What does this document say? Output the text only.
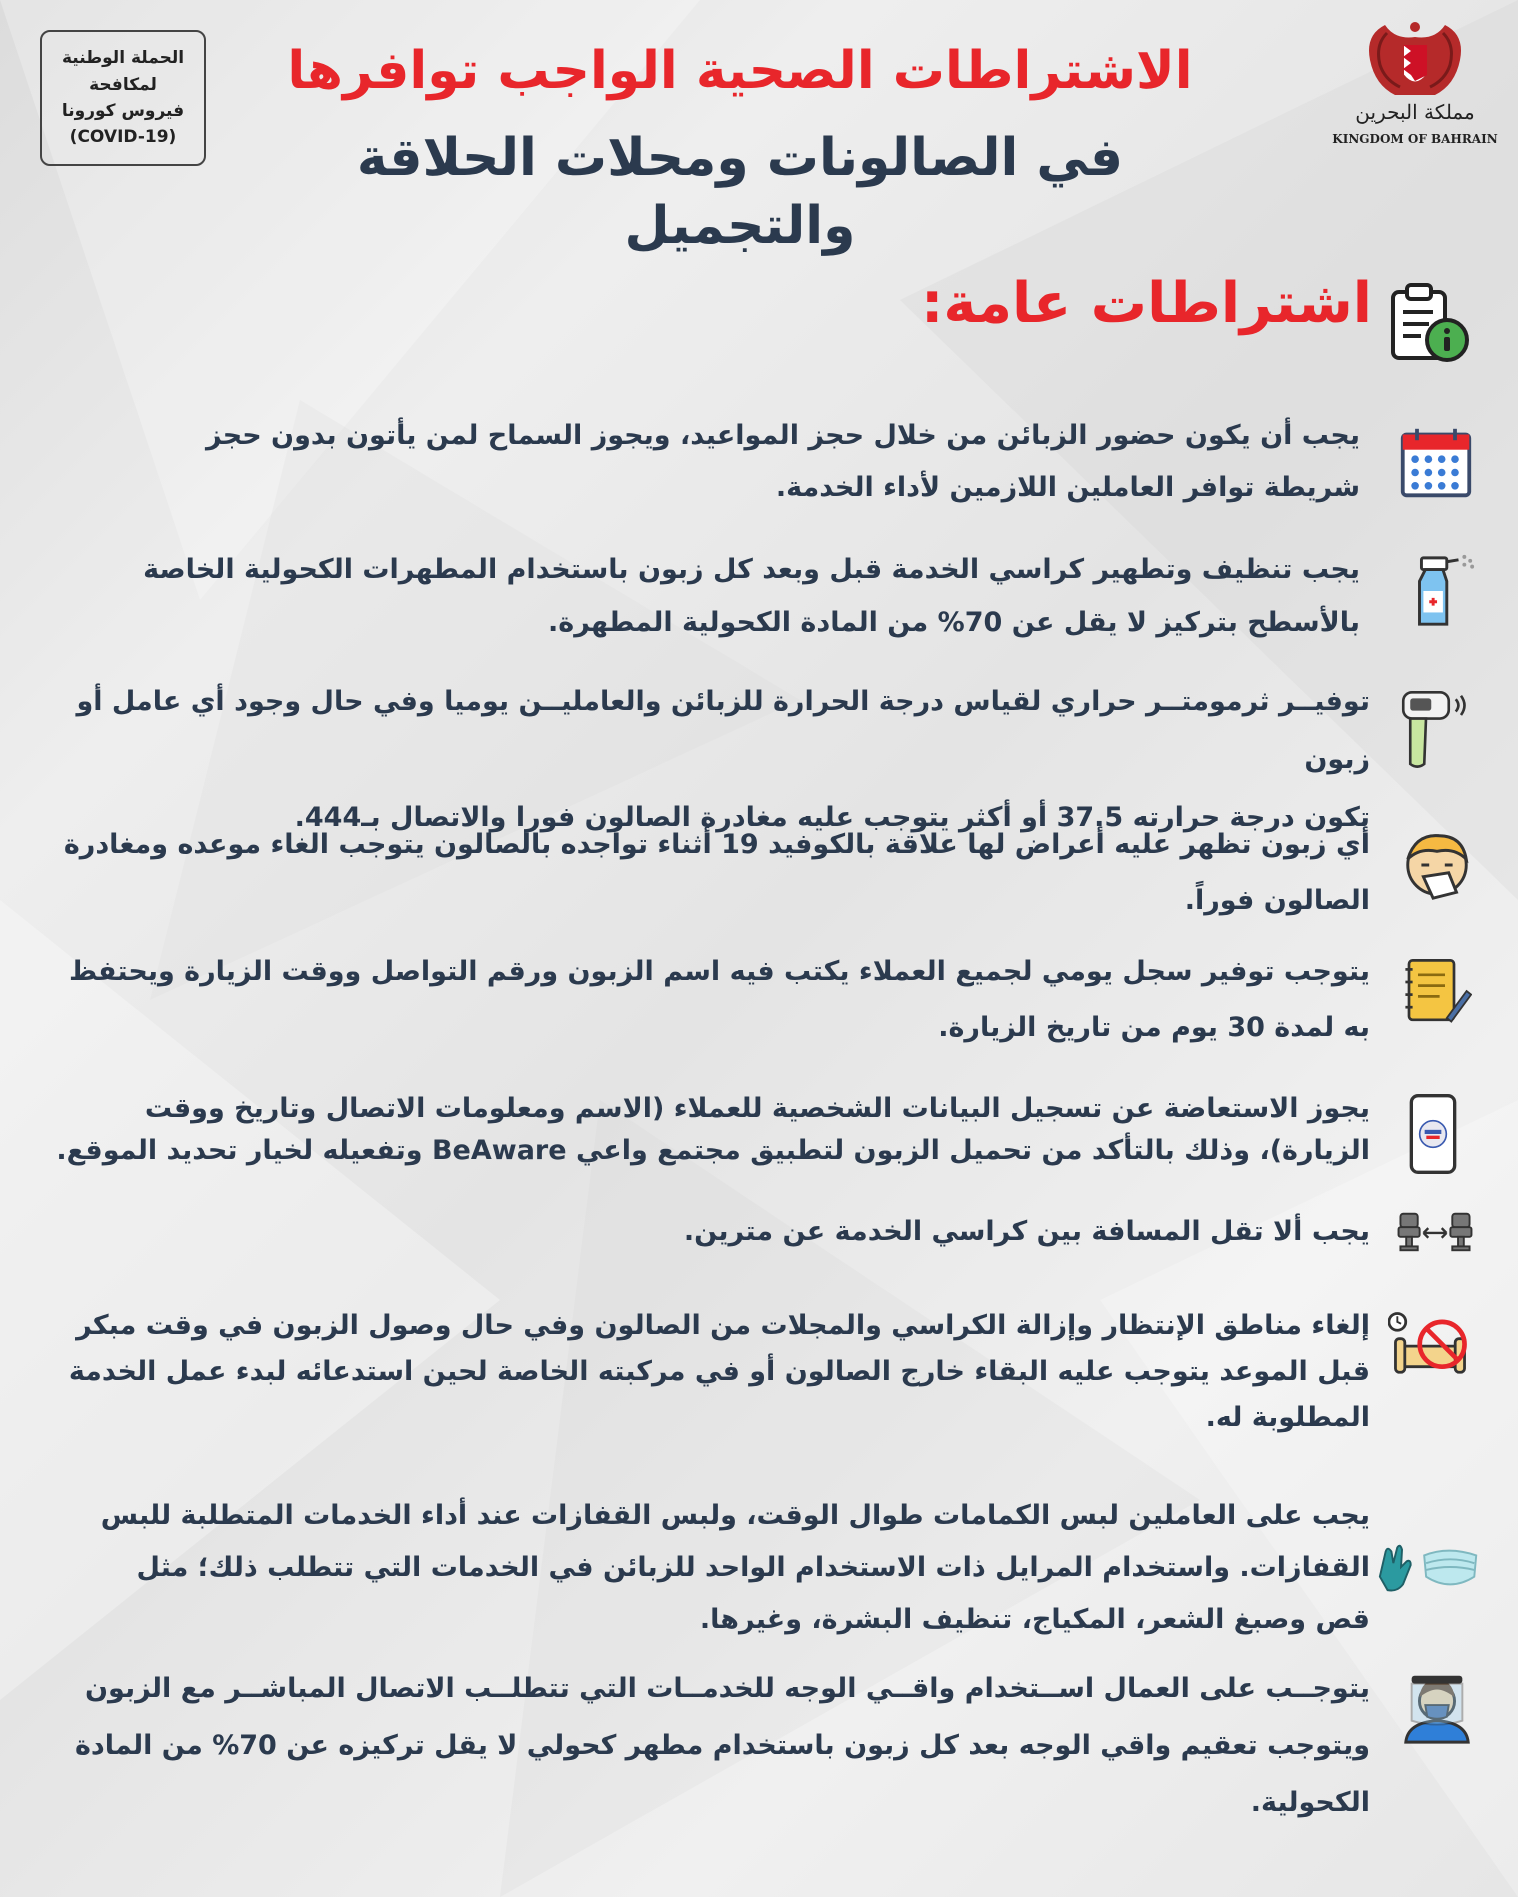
الحملة الوطنية
لمكافحة
فيروس كورونا
(COVID-19)
الاشتراطات الصحية الواجب توافرها
في الصالونات ومحلات الحلاقة والتجميل
مملكة البحرين
KINGDOM OF BAHRAIN
اشتراطات عامة:

يجب أن يكون حضور الزبائن من خلال حجز المواعيد، ويجوز السماح لمن يأتون بدون حجز
شريطة توافر العاملين اللازمين لأداء الخدمة.

يجب تنظيف وتطهير كراسي الخدمة قبل وبعد كل زبون باستخدام المطهرات الكحولية الخاصة
بالأسطح بتركيز لا يقل عن 70% من المادة الكحولية المطهرة.

توفيــر ثرمومتــر حراري لقياس درجة الحرارة للزبائن والعامليــن يوميا وفي حال وجود أي عامل أو زبون
تكون درجة حرارته 37.5 أو أكثر يتوجب عليه مغادرة الصالون فورا والاتصال بـ444.

أي زبون تظهر عليه أعراض لها علاقة بالكوفيد 19 أثناء تواجده بالصالون يتوجب الغاء موعده ومغادرة
الصالون فوراً.

يتوجب توفير سجل يومي لجميع العملاء يكتب فيه اسم الزبون ورقم التواصل ووقت الزيارة ويحتفظ
به لمدة 30 يوم من تاريخ الزيارة.

يجوز الاستعاضة عن تسجيل البيانات الشخصية للعملاء (الاسم ومعلومات الاتصال وتاريخ ووقت
الزيارة)، وذلك بالتأكد من تحميل الزبون لتطبيق مجتمع واعي BeAware وتفعيله لخيار تحديد الموقع.

يجب ألا تقل المسافة بين كراسي الخدمة عن مترين.

إلغاء مناطق الإنتظار وإزالة الكراسي والمجلات من الصالون وفي حال وصول الزبون في وقت مبكر
قبل الموعد يتوجب عليه البقاء خارج الصالون أو في مركبته الخاصة لحين استدعائه لبدء عمل الخدمة
المطلوبة له.

يجب على العاملين لبس الكمامات طوال الوقت، ولبس القفازات عند أداء الخدمات المتطلبة للبس
القفازات. واستخدام المرايل ذات الاستخدام الواحد للزبائن في الخدمات التي تتطلب ذلك؛ مثل
قص وصبغ الشعر، المكياج، تنظيف البشرة، وغيرها.

يتوجــب على العمال اســتخدام واقــي الوجه للخدمــات التي تتطلــب الاتصال المباشــر مع الزبون
ويتوجب تعقيم واقي الوجه بعد كل زبون باستخدام مطهر كحولي لا يقل تركيزه عن 70% من المادة
الكحولية.
